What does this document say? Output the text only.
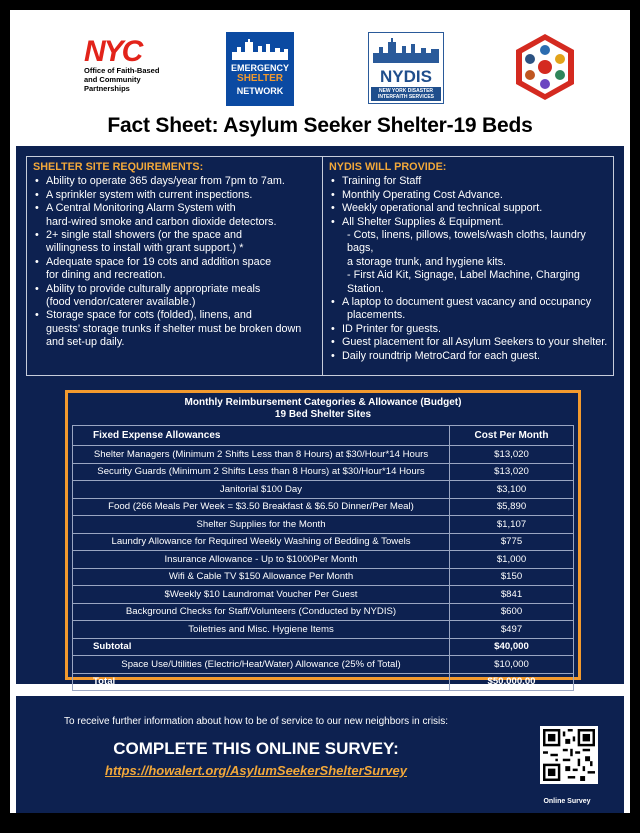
NYC
Office of Faith-Based
and Community
Partnerships
EMERGENCY
SHELTER
NETWORK
NYDIS
NEW YORK DISASTER INTERFAITH SERVICES
Fact Sheet: Asylum Seeker Shelter-19 Beds
SHELTER SITE REQUIREMENTS:
• Ability to operate 365 days/year from 7pm to 7am.
• A sprinkler system with current inspections.
• A Central Monitoring Alarm System with
hard-wired smoke and carbon dioxide detectors.
• 2+ single stall showers (or the space and
willingness to install with grant support.) *
• Adequate space for 19 cots and addition space
for dining and recreation.
• Ability to provide culturally appropriate meals
(food vendor/caterer available.)
• Storage space for cots (folded), linens, and
guests’ storage trunks if shelter must be broken down
and set-up daily.
NYDIS WILL PROVIDE:
• Training for Staff
• Monthly Operating Cost Advance.
• Weekly operational and technical support.
• All Shelter Supplies & Equipment.
- Cots, linens, pillows, towels/wash cloths, laundry bags,
a storage trunk, and hygiene kits.
- First Aid Kit, Signage, Label Machine, Charging Station.
• A laptop to document guest vacancy and occupancy
placements.
• ID Printer for guests.
• Guest placement for all Asylum Seekers to your shelter.
• Daily roundtrip MetroCard for each guest.
Monthly Reimbursement Categories & Allowance (Budget)
19 Bed Shelter Sites
Fixed Expense Allowances	Cost Per Month
Shelter Managers (Minimum 2 Shifts Less than 8 Hours) at $30/Hour*14 Hours	$13,020
Security Guards (Minimum 2 Shifts Less than 8 Hours) at $30/Hour*14 Hours	$13,020
Janitorial $100 Day	$3,100
Food (266 Meals Per Week = $3.50 Breakfast & $6.50 Dinner/Per Meal)	$5,890
Shelter Supplies for the Month	$1,107
Laundry Allowance for Required Weekly Washing of Bedding & Towels	$775
Insurance Allowance - Up to $1000Per Month	$1,000
Wifi & Cable TV $150 Allowance Per Month	$150
$Weekly $10 Laundromat Voucher Per Guest	$841
Background Checks for Staff/Volunteers (Conducted by NYDIS)	$600
Toiletries and Misc. Hygiene Items	$497
Subtotal	$40,000
Space Use/Utilities (Electric/Heat/Water) Allowance (25% of Total)	$10,000
Total	$50,000.00
To receive further information about how to be of service to our new neighbors in crisis:
COMPLETE THIS ONLINE SURVEY:
https://howalert.org/AsylumSeekerShelterSurvey
Online Survey
